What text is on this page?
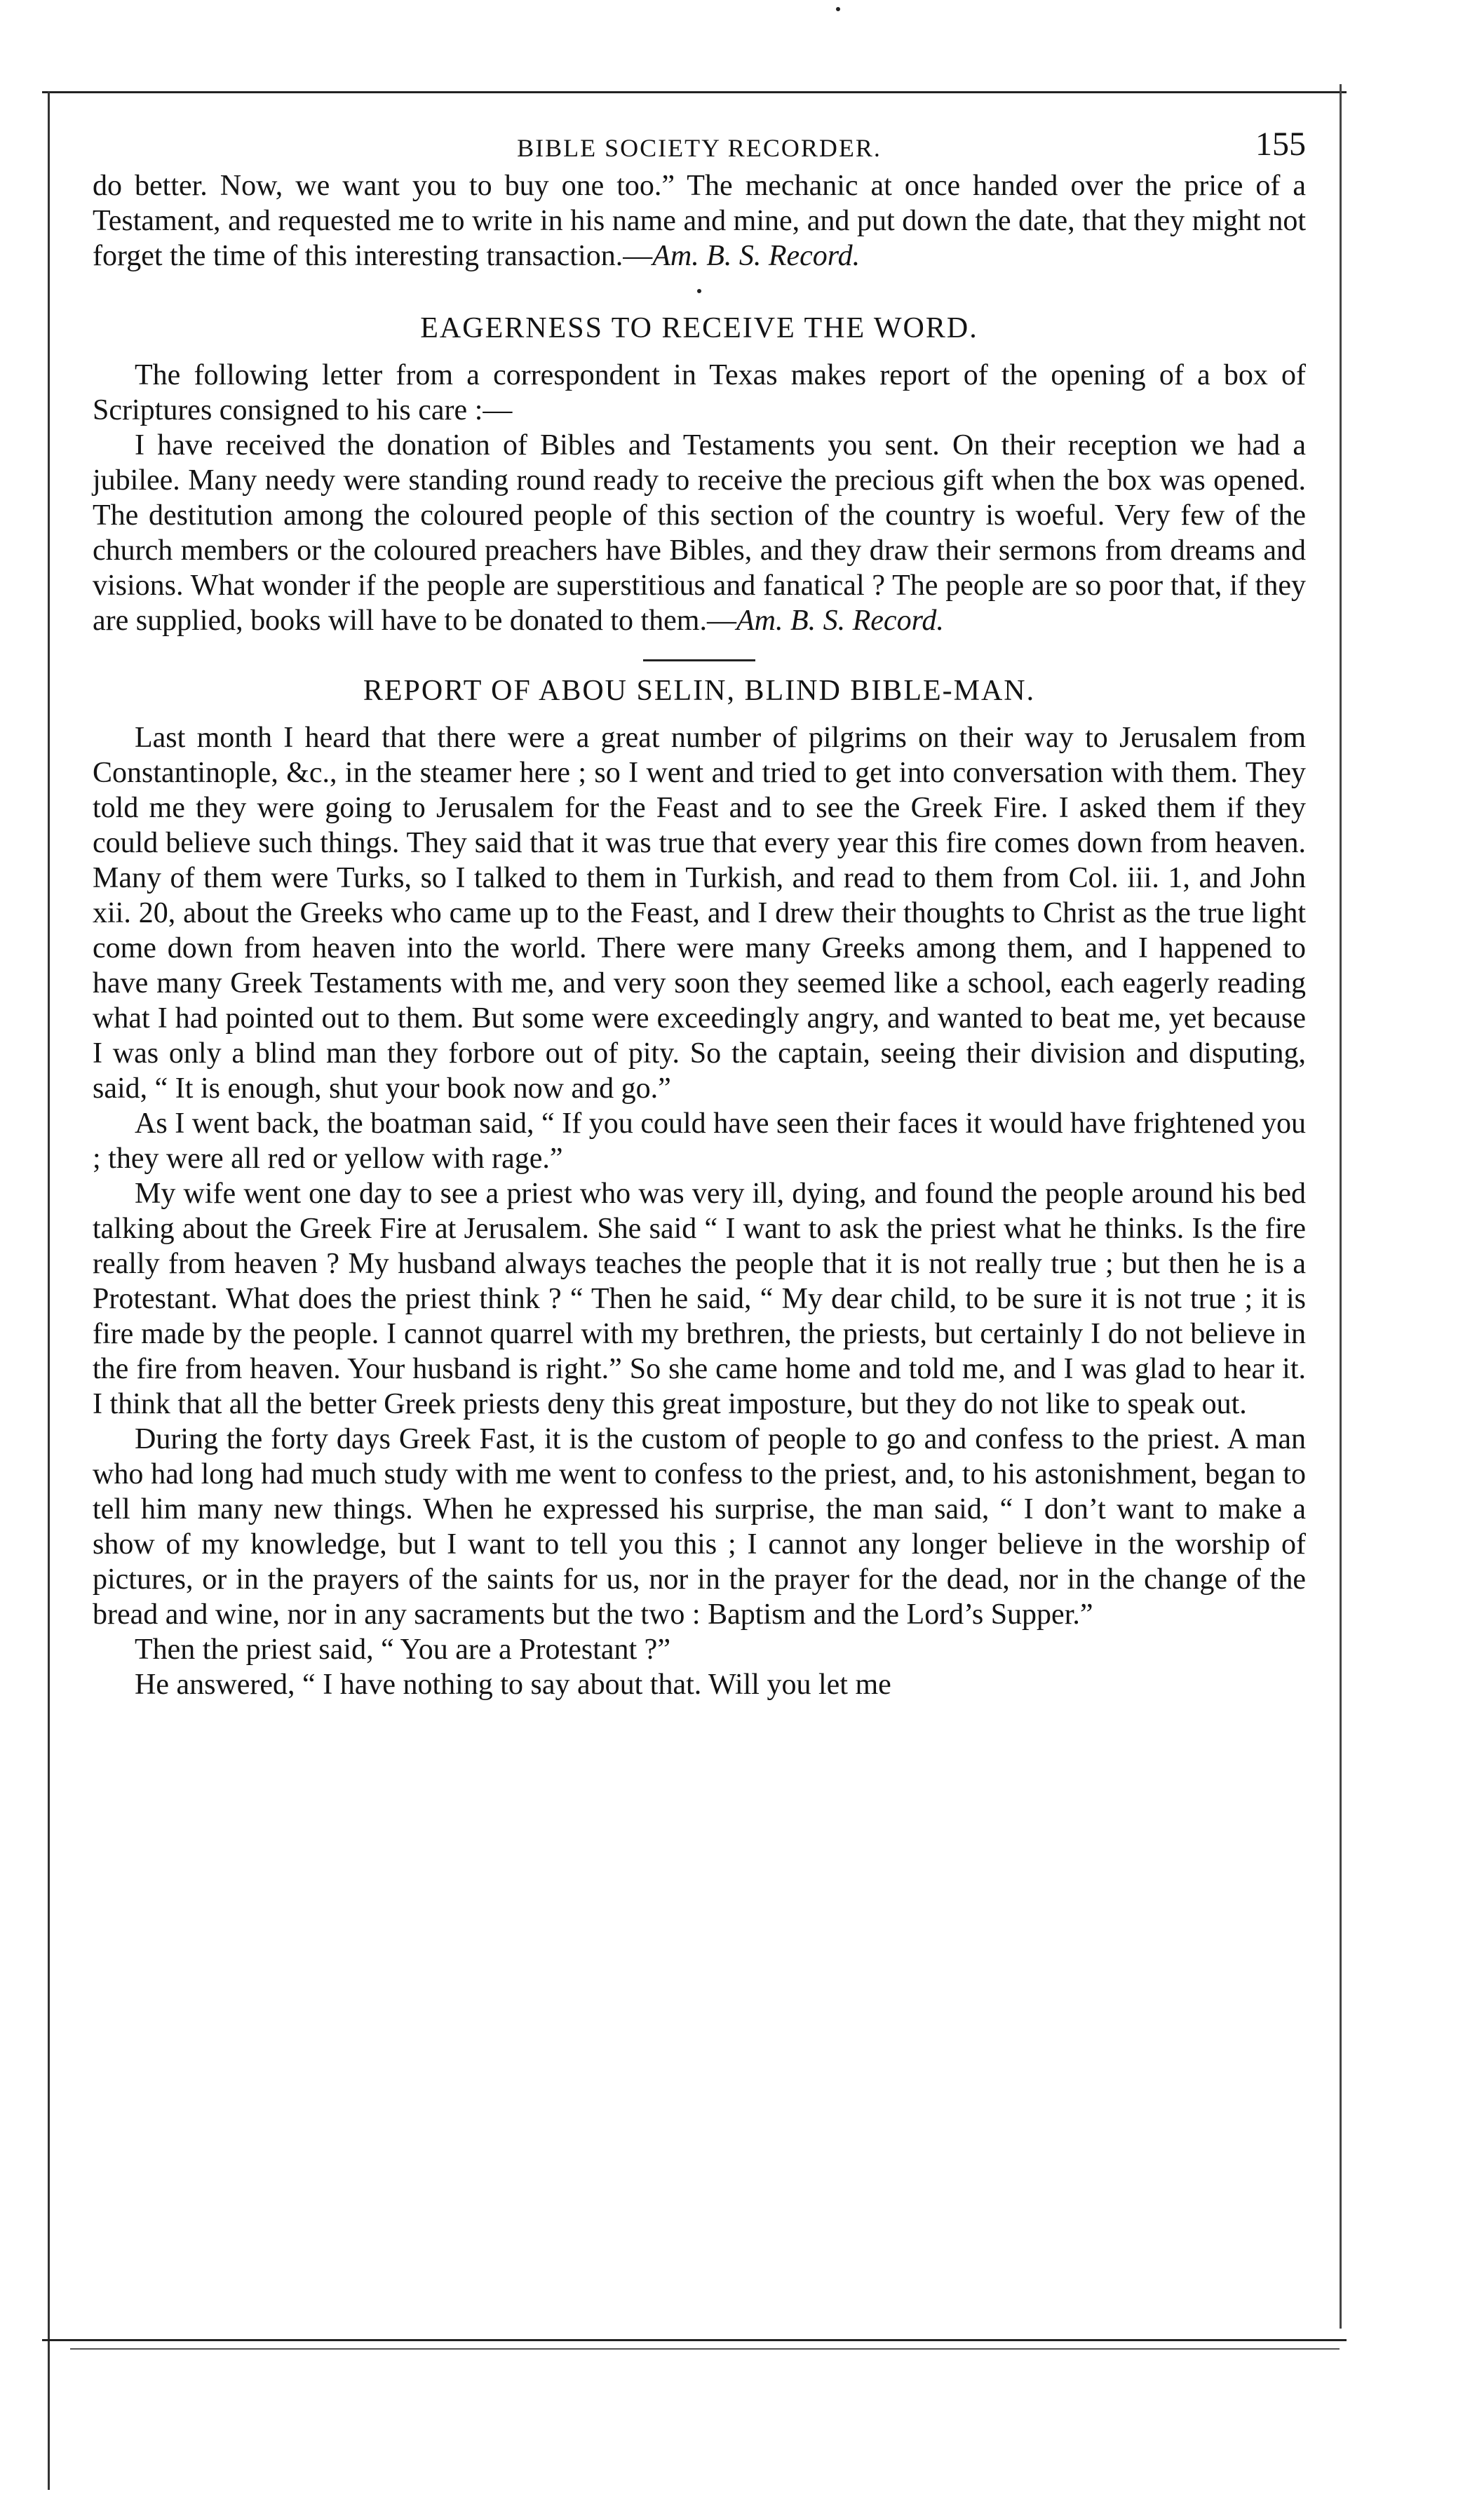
BIBLE SOCIETY RECORDER.	155

do better. Now, we want you to buy one too.” The mechanic at once handed over the price of a Testament, and requested me to write in his name and mine, and put down the date, that they might not forget the time of this interesting transaction.—Am. B. S. Record.

EAGERNESS TO RECEIVE THE WORD.

The following letter from a correspondent in Texas makes report of the opening of a box of Scriptures consigned to his care :—

I have received the donation of Bibles and Testaments you sent. On their reception we had a jubilee. Many needy were standing round ready to receive the precious gift when the box was opened. The destitution among the coloured people of this section of the country is woeful. Very few of the church members or the coloured preachers have Bibles, and they draw their sermons from dreams and visions. What wonder if the people are superstitious and fanatical ? The people are so poor that, if they are supplied, books will have to be donated to them.—Am. B. S. Record.

REPORT OF ABOU SELIN, BLIND BIBLE-MAN.

Last month I heard that there were a great number of pilgrims on their way to Jerusalem from Constantinople, &c., in the steamer here ; so I went and tried to get into conversation with them. They told me they were going to Jerusalem for the Feast and to see the Greek Fire. I asked them if they could believe such things. They said that it was true that every year this fire comes down from heaven. Many of them were Turks, so I talked to them in Turkish, and read to them from Col. iii. 1, and John xii. 20, about the Greeks who came up to the Feast, and I drew their thoughts to Christ as the true light come down from heaven into the world. There were many Greeks among them, and I happened to have many Greek Testaments with me, and very soon they seemed like a school, each eagerly reading what I had pointed out to them. But some were exceedingly angry, and wanted to beat me, yet because I was only a blind man they forbore out of pity. So the captain, seeing their division and disputing, said, “ It is enough, shut your book now and go.”

As I went back, the boatman said, “ If you could have seen their faces it would have frightened you ; they were all red or yellow with rage.”

My wife went one day to see a priest who was very ill, dying, and found the people around his bed talking about the Greek Fire at Jerusalem. She said “ I want to ask the priest what he thinks. Is the fire really from heaven ? My husband always teaches the people that it is not really true ; but then he is a Protestant. What does the priest think ? “ Then he said, “ My dear child, to be sure it is not true ; it is fire made by the people. I cannot quarrel with my brethren, the priests, but certainly I do not believe in the fire from heaven. Your husband is right.” So she came home and told me, and I was glad to hear it. I think that all the better Greek priests deny this great imposture, but they do not like to speak out.

During the forty days Greek Fast, it is the custom of people to go and confess to the priest. A man who had long had much study with me went to confess to the priest, and, to his astonishment, began to tell him many new things. When he expressed his surprise, the man said, “ I don’t want to make a show of my knowledge, but I want to tell you this ; I cannot any longer believe in the worship of pictures, or in the prayers of the saints for us, nor in the prayer for the dead, nor in the change of the bread and wine, nor in any sacraments but the two : Baptism and the Lord’s Supper.”

Then the priest said, “ You are a Protestant ?”

He answered, “ I have nothing to say about that. Will you let me
